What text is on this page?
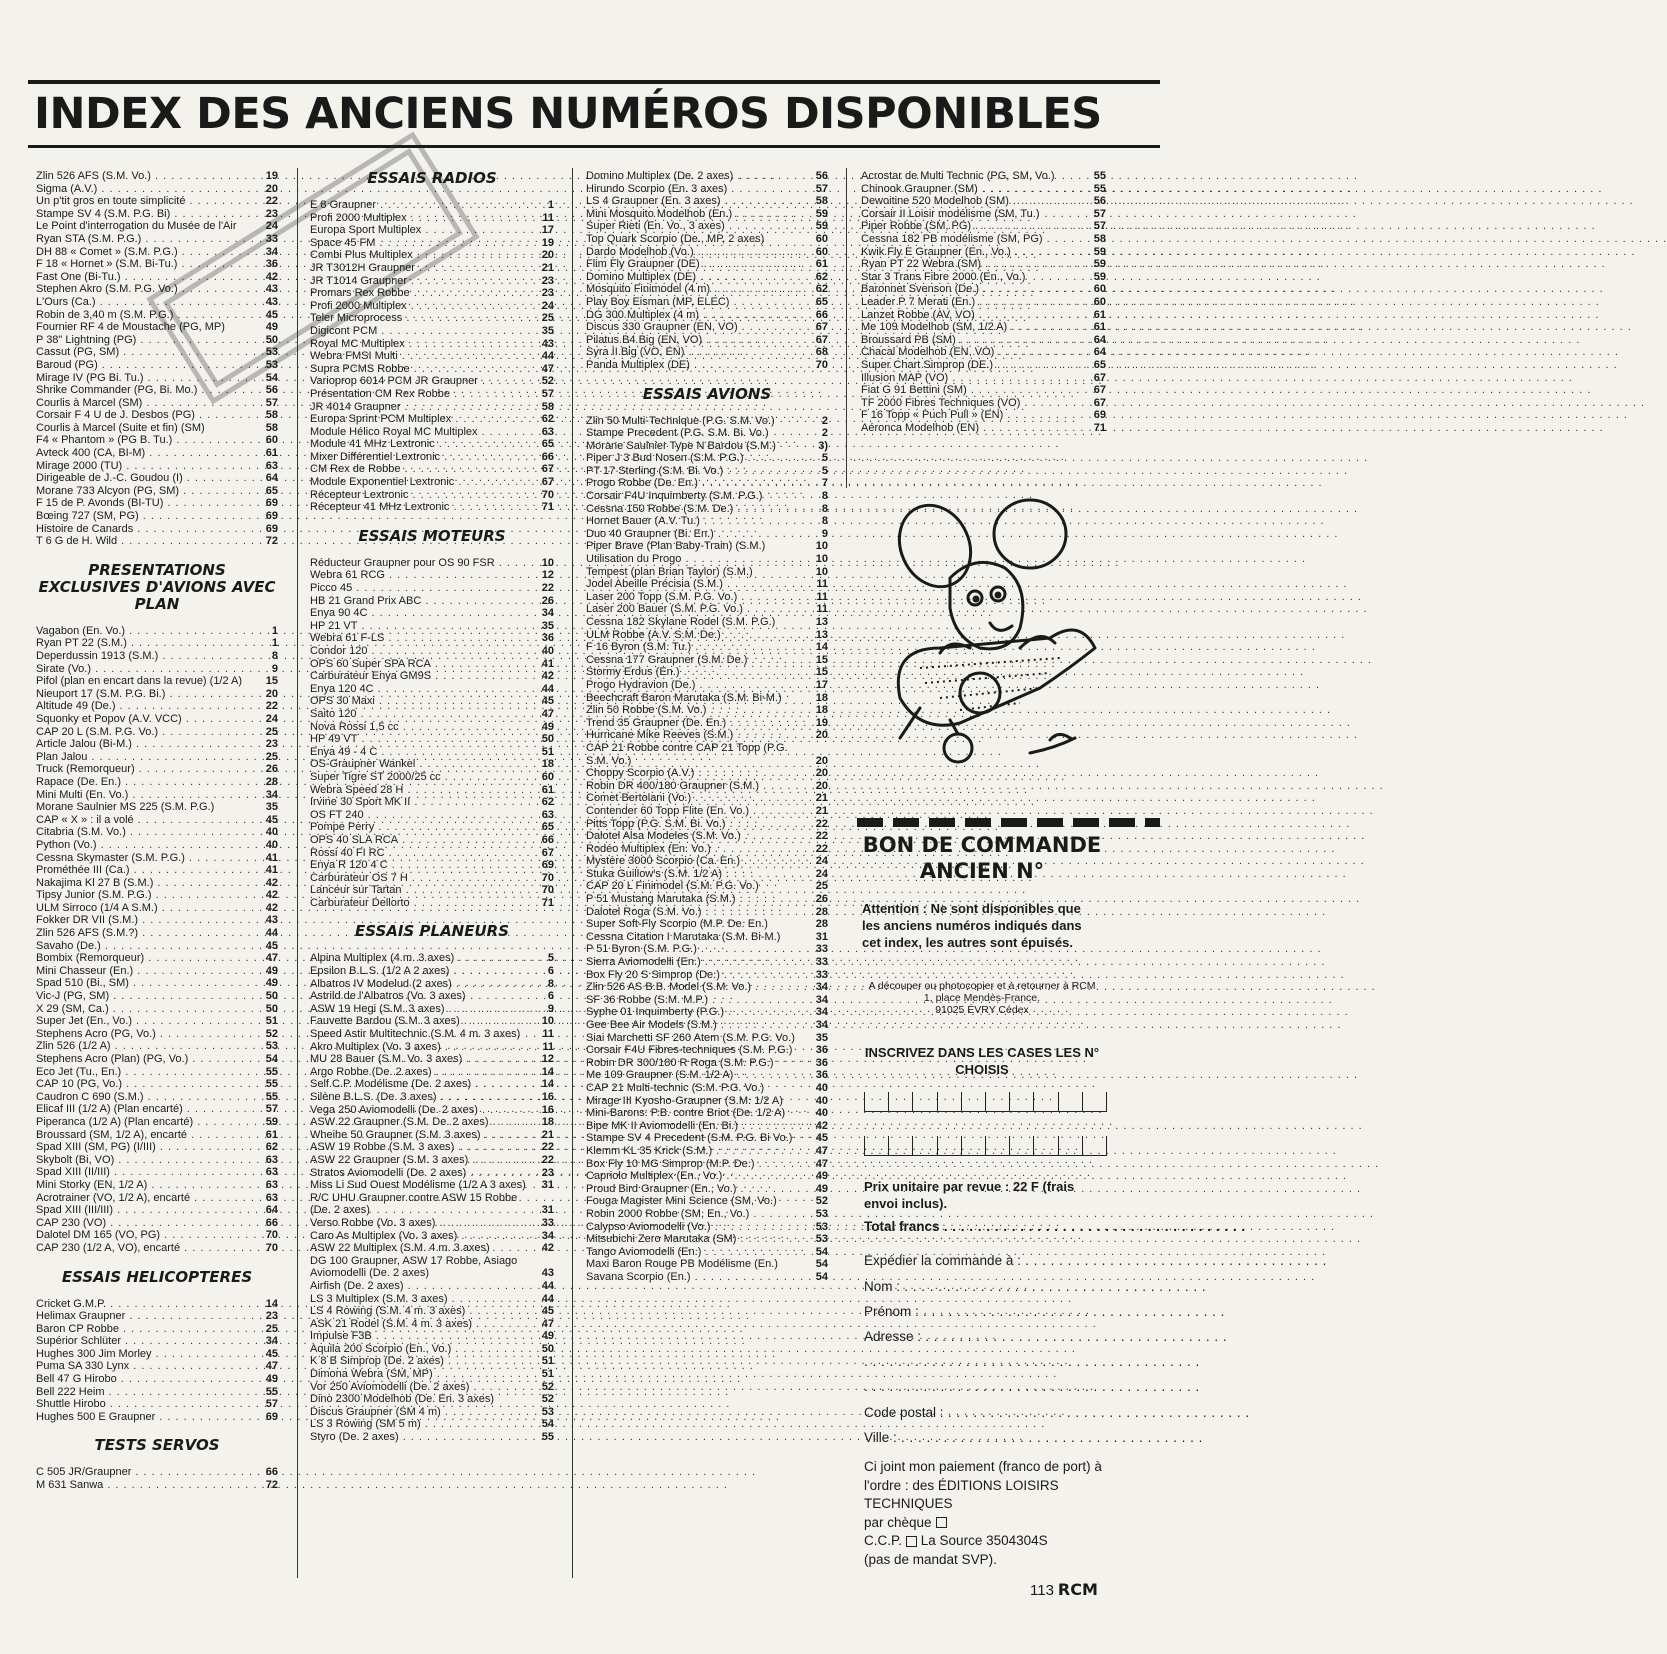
INDEX DES ANCIENS NUMÉROS DISPONIBLES
Zlin 526 AFS (S.M. Vo.) . . .	19
Sigma (A.V.) . . .	20
Un p'tit gros en toute simplicité . . .	22
Stampe SV 4 (S.M. P.G. Bi) . . .	23
Le Point d'interrogation du Musée de l'Air	24
Ryan STA (S.M. P.G.) . . .	33
DH 88 « Comet » (S.M. P.G.) . . .	34
F 18 « Hornet » (S.M. Bi-Tu.) . . .	36
Fast One (Bi-Tu.) . . .	42
Stephen Akro (S.M. P.G. Vo.) . . .	43
L'Ours (Ca.) . . .	43
Robin de 3,40 m (S.M. P.G.) . . .	45
Fournier RF 4 de Moustache (PG, MP)	49
P 38" Lightning (PG) . . .	50
Cassut (PG, SM) . . .	53
Baroud (PG) . . .	53
Mirage IV (PG Bi. Tu.) . . .	54
Shrike Commander (PG, Bi. Mo.) . . .	56
Courlis à Marcel (SM) . . .	57
Corsair F 4 U de J. Desbos (PG) . . .	58
Courlis à Marcel (Suite et fin) (SM)	58
F4 « Phantom » (PG B. Tu.) . . .	60
Avteck 400 (CA, BI-M) . . .	61
Mirage 2000 (TU) . . .	63
Dirigeable de J.-C. Goudou (I) . . .	64
Morane 733 Alcyon (PG, SM) . . .	65
F 15 de P. Avonds (BI-TU) . . .	69
Bœing 727 (SM, PG) . . .	69
Histoire de Canards . . .	69
T 6 G de H. Wild . . .	72
PRESENTATIONS EXCLUSIVES D'AVIONS AVEC PLAN
Vagabon (En. Vo.) . . .	1
Ryan PT 22 (S.M.) . . .	1
Deperdussin 1913 (S.M.) . . .	8
Sirate (Vo.) . . .	9
Pifol (plan en encart dans la revue) (1/2 A)	15
Nieuport 17 (S.M. P.G. Bi.) . . .	20
Altitude 49 (De.) . . .	22
Squonky et Popov (A.V. VCC) . . .	24
CAP 20 L (S.M. P.G. Vo.) . . .	25
Article Jalou (Bi-M.) . . .	23
Plan Jalou . . .	25
Truck (Remorqueur) . . .	26
Rapace (De. En.) . . .	28
Mini Multi (En. Vo.) . . .	34
Morane Saulnier MS 225 (S.M. P.G.)	35
CAP « X » : il a volé . . .	45
Citabria (S.M. Vo.) . . .	40
Python (Vo.) . . .	40
Cessna Skymaster (S.M. P.G.) . . .	41
Prométhée III (Ca.) . . .	41
Nakajima Kl 27 B (S.M.) . . .	42
Tipsy Junior (S.M. P.G.) . . .	42
ULM Sirroco (1/4 A S.M.) . . .	42
Fokker DR VII (S.M.) . . .	43
Zlin 526 AFS (S.M.?) . . .	44
Savaho (De.) . . .	45
Bombix (Remorqueur) . . .	47
Mini Chasseur (En.) . . .	49
Spad 510 (Bi., SM) . . .	49
Vic-J (PG, SM) . . .	50
X 29 (SM, Ca.) . . .	50
Super Jet (En., Vo.) . . .	51
Stephens Acro (PG, Vo.) . . .	52
Zlin 526 (1/2 A) . . .	53
Stephens Acro (Plan) (PG, Vo.) . . .	54
Eco Jet (Tu., En.) . . .	55
CAP 10 (PG, Vo.) . . .	55
Caudron C 690 (S.M.) . . .	55
Elicaf III (1/2 A) (Plan encarté) . . .	57
Piperanca (1/2 A) (Plan encarté) . . .	59
Broussard (SM, 1/2 A), encarté . . .	61
Spad XIII (SM, PG) (I/III) . . .	62
Skybolt (Bi, VO) . . .	63
Spad XIII (II/III) . . .	63
Mini Storky (EN, 1/2 A) . . .	63
Acrotrainer (VO, 1/2 A), encarté . . .	63
Spad XIII (III/III) . . .	64
CAP 230 (VO) . . .	66
Dalotel DM 165 (VO, PG) . . .	70
CAP 230 (1/2 A, VO), encarté . . .	70
ESSAIS HELICOPTERES
Cricket G.M.P. . . .	14
Helimax Graupner . . .	23
Baron CP Robbe . . .	25
Supérior Schlüter . . .	34
Hughes 300 Jim Morley . . .	45
Puma SA 330 Lynx . . .	47
Bell 47 G Hirobo . . .	49
Bell 222 Heim . . .	55
Shuttle Hirobo . . .	57
Hughes 500 E Graupner . . .	69
TESTS SERVOS
C 505 JR/Graupner . . .	66
M 631 Sanwa . . .	72
ESSAIS RADIOS
E 8 Graupner . . .	1
Profi 2000 Multiplex . . .	11
Europa Sport Multiplex . . .	17
Space 45 FM . . .	19
Combi Plus Multiplex . . .	20
JR T3012H Graupner . . .	21
JR T1014 Graupner . . .	23
Promars Rex Robbe . . .	23
Profi 2000 Multiplex . . .	24
Teler Microprocess . . .	25
Digicont PCM . . .	35
Royal MC Multiplex . . .	43
Webra FMSI Multi . . .	44
Supra PCMS Robbe . . .	47
Varioprop 6014 PCM JR Graupner . . .	52
Présentation CM Rex Robbe . . .	57
JR 4014 Graupner . . .	58
Europa Sprint PCM Multiplex . . .	62
Module Hélico Royal MC Multiplex . . .	63
Module 41 MHz Lextronic . . .	65
Mixer Différentiel Lextronic . . .	66
CM Rex de Robbe . . .	67
Module Exponentiel Lextronic . . .	67
Récepteur Lextronic . . .	70
Récepteur 41 MHz Lextronic . . .	71
ESSAIS MOTEURS
Réducteur Graupner pour OS 90 FSR . . .	10
Webra 61 RCG . . .	12
Picco 45 . . .	22
HB 21 Grand Prix ABC . . .	26
Enya 90 4C . . .	34
HP 21 VT . . .	35
Webra 61 F-LS . . .	36
Condor 120 . . .	40
OPS 60 Super SPA RCA . . .	41
Carburateur Enya GM9S . . .	42
Enya 120 4C . . .	44
OPS 30 Maxi . . .	45
Saito 120 . . .	47
Nova Rossi 1,5 cc . . .	49
HP 49 VT . . .	50
Enya 49 - 4 C . . .	51
OS-Graupner Wankel . . .	18
Super Tigre ST 2000/25 cc . . .	60
Webra Speed 28 H . . .	61
Irvine 30 Sport MK II . . .	62
OS FT 240 . . .	63
Pompe Perry . . .	65
OPS 40 SLA RCA . . .	66
Rossi 40 FI RC . . .	67
Enya R 120 4 C . . .	69
Carburateur OS 7 H . . .	70
Lanceur sur Tartan . . .	70
Carburateur Dellorto . . .	71
ESSAIS PLANEURS
Alpina Multiplex (4 m. 3 axes) . . .	5
Epsilon B.L.S. (1/2 A 2 axes) . . .	6
Albatros IV Modelud (2 axes) . . .	8
Astrild de l'Albatros (Vo. 3 axes)	6
ASW 19 Hegi (S.M. 3 axes) . . .	9
Fauvette Bardou (S.M. 3 axes) . . .	10
Speed Astir Multitechnic (S.M. 4 m. 3 axes)	11
Akro Multiplex (Vo. 3 axes) . . .	11
MU 28 Bauer (S.M. Vo. 3 axes) . . .	12
Argo Robbe (De. 2 axes) . . .	14
Self C.P. Modélisme (De. 2 axes) . . .	14
Silène B.L.S. (De. 3 axes) . . .	16
Vega 250 Aviomodelli (De. 2 axes) . . .	16
ASW 22 Graupner (S.M. De. 2 axes) . . .	18
Wheihe 50 Graupner (S.M. 3 axes) . . .	21
ASW 19 Robbe (S.M. 3 axes) . . .	22
ASW 22 Graupner (S.M. 3 axes) . . .	22
Stratos Aviomodelli (De. 2 axes) . . .	23
Miss Li Sud Ouest Modélisme (1/2 A 3 axes)	31
R/C UHU Graupner contre ASW 15 Robbe (De. 2 axes)	31
Verso Robbe (Vo. 3 axes) . . .	33
Caro As Multiplex (Vo. 3 axes) . . .	34
ASW 22 Multiplex (S.M. 4 m. 3 axes)	42
DG 100 Graupner, ASW 17 Robbe, Asiago Aviomodelli (De. 2 axes)	43
Airfish (De. 2 axes) . . .	44
LS 3 Multiplex (S.M. 3 axes) . . .	44
LS 4 Rowing (S.M. 4 m. 3 axes) . . .	45
ASK 21 Rodel (S.M. 4 m. 3 axes) . . .	47
Impulse F3B . . .	49
Aquila 200 Scorpio (En., Vo.) . . .	50
K 8 B Simprop (De. 2 axes) . . .	51
Dimona Webra (SM, MP) . . .	51
Vor 250 Aviomodelli (De. 2 axes) . . .	52
Dino 2300 Modelhob (De. En. 3 axes)	52
Discus Graupner (SM 4 m) . . .	53
LS 3 Rowing (SM 5 m) . . .	54
Styro (De. 2 axes) . . .	55
Domino Multiplex (De. 2 axes) . . .	56
Hirundo Scorpio (En. 3 axes) . . .	57
LS 4 Graupner (En. 3 axes) . . .	58
Mini Mosquito Modelhob (En.) . . .	59
Super Rieti (En. Vo., 3 axes) . . .	59
Top Quark Scorpio (De., MP, 2 axes)	60
Dardo Modelhob (Vo.) . . .	60
Flim Fly Graupner (DE) . . .	61
Domino Multiplex (DE) . . .	62
Mosquito Finimodel (4 m) . . .	62
Play Boy Eisman (MP, ELEC) . . .	65
DG 300 Multiplex (4 m) . . .	66
Discus 330 Graupner (EN, VO) . . .	67
Pilatus B4 Big (EN, VO) . . .	67
Syra II Big (VO, EN) . . .	68
Panda Multiplex (DE) . . .	70
ESSAIS AVIONS
Zlin 50 Multi-Technique (P.G. S.M. Vo.)	2
Stampe Precedent (P.G. S.M. Bi. Vo.)	2
Morane Saulnier Type N Bardou (S.M.)	3)
Piper J 3 Bud Nosen (S.M. P.G.) . . .	5
PT 17 Sterling (S.M. Bi. Vo.) . . .	5
Progo Robbe (De. En.) . . .	7
Corsair F4U Inquimberty (S.M. P.G.)	8
Cessna 150 Robbe (S.M. De.) . . .	8
Hornet Bauer (A.V. Tu.) . . .	8
Duo 40 Graupner (Bi. En.) . . .	9
Piper Brave (Plan Baby-Train) (S.M.)	10
Utilisation du Progo . . .	10
Tempest (plan Brian Taylor) (S.M.)	10
Jodel Abeille Précisia (S.M.) . . .	11
Laser 200 Topp (S.M. P.G. Vo.) . . .	11
Laser 200 Bauer (S.M. P.G. Vo.) . . .	11
Cessna 182 Skylane Rodel (S.M. P.G.)	13
ULM Robbe (A.V. S.M. De.) . . .	13
F 16 Byron (S.M. Tu.) . . .	14
Cessna 177 Graupner (S.M. De.) . . .	15
Stormy Erdus (En.) . . .	15
Progo Hydravion (De.) . . .	17
Beechcraft Baron Marutaka (S.M. Bi-M.)	18
Zlin 50 Robbe (S.M. Vo.) . . .	18
Trend 35 Graupner (De. En.) . . .	19
Hurricane Mike Reeves (S.M.) . . .	20
CAP 21 Robbe contre CAP 21 Topp (P.G. S.M. Vo.)	20
Choppy Scorpio (A.V.) . . .	20
Robin DR 400/180 Graupner (S.M.) . . .	20
Comet Bertolani (Vo.) . . .	21
Contender 60 Topp Flite (En. Vo.) . . .	21
Pitts Topp (P.G. S.M. Bi. Vo.) . . .	22
Dalotel Alsa Modeles (S.M. Vo.) . . .	22
Rodéo Multiplex (En. Vo.) . . .	22
Mystère 3000 Scorpio (Ca. En.) . . .	24
Stuka Guillow's (S.M. 1/2 A) . . .	24
CAP 20 L Finimodel (S.M. P.G. Vo.)	25
P 51 Mustang Marutaka (S.M.) . . .	26
Dalotel Roga (S.M. Vo.) . . .	28
Super Soft-Fly Scorpio (M.P. De. En.)	28
Cessna Citation I Marutaka (S.M. Bi-M.)	31
P 51 Byron (S.M. P.G.) . . .	33
Sierra Aviomodelli (En.) . . .	33
Box Fly 20 S Simprop (De.) . . .	33
Zlin 526 AS B.B. Model (S.M. Vo.) . . .	34
SF 36 Robbe (S.M. M.P.) . . .	34
Syphe 01 Inquimberty (P.G.) . . .	34
Gee Bee Air Models (S.M.) . . .	34
Siai Marchetti SF 260 Atem (S.M. P.G. Vo.)	35
Corsair F4U Fibres-techniques (S.M. P.G.)	36
Robin DR 300/180 R Roga (S.M. P.G.)	36
Me 109 Graupner (S.M. 1/2 A) . . .	36
CAP 21 Multi-technic (S.M. P.G. Vo.)	40
Mirage III Kyosho-Graupner (S.M. 1/2 A)	40
Mini-Barons: P.B. contre Briot (De. 1/2 A)	40
Bipe MK II Aviomodelli (En. Bi.) . . .	42
Stampe SV 4 Precedent (S.M. P.G. Bi Vo.)	45
Klemm KL 35 Krick (S.M.) . . .	47
Box Fly 10 MG Simprop (M.P. De.) . . .	47
Capriolo Multiplex (En., Vo.) . . .	49
Proud Bird Graupner (En., Vo.) . . .	49
Fouga Magister Mini Science (SM, Vo.)	52
Robin 2000 Robbe (SM, En., Vo.) . . .	53
Calypso Aviomodelli (Vo.) . . .	53
Mitsubichi Zero Marutaka (SM) . . .	53
Tango Aviomodelli (En.) . . .	54
Maxi Baron Rouge PB Modélisme (En.)	54
Savana Scorpio (En.) . . .	54
Acrostar de Multi Technic (PG, SM, Vo.)	55
Chinook Graupner (SM) . . .	55
Dewoitine 520 Modelhob (SM) . . .	56
Corsair II Loisir modélisme (SM, Tu.)	57
Piper Robbe (SM, PG) . . .	57
Cessna 182 PB modélisme (SM, PG) . . .	58
Kwik Fly E Graupner (En., Vo.) . . .	59
Ryan PT 22 Webra (SM) . . .	59
Star 3 Trans Fibre 2000 (En., Vo.)	59
Baronnet Svenson (De.) . . .	60
Leader P 7 Merati (En.) . . .	60
Lanzet Robbe (AV, VO) . . .	61
Me 109 Modelhob (SM, 1/2 A) . . .	61
Broussard PB (SM) . . .	64
Chacal Modelhob (EN, VO) . . .	64
Super Chart Simprop (DE.) . . .	65
Illusion MAP (VO) . . .	67
Fiat G 91 Bettini (SM) . . .	67
TF 2000 Fibres Techniques (VO) . . .	67
F 16 Topp « Puch Pull » (EN) . . .	69
Aéronca Modelhob (EN) . . .	71
BON DE COMMANDE
ANCIEN N°
Attention : Ne sont disponibles que les anciens numéros indiqués dans cet index, les autres sont épuisés.
A découper ou photocopier et à retourner à RCM
1, place Mendès-France.
91025 ÉVRY Cédex
INSCRIVEZ DANS LES CASES LES N° CHOISIS
Prix unitaire par revue : 22 F (frais envoi inclus).
Total francs . . .
Expédier la commande à : . . .
Nom : . . .
Prénom : . . .
Adresse : . . .
. . . . . . . . . . . . . . . . . . . . . . . . . . . . . . . . . . . . . . . .
. . . . . . . . . . . . . . . . . . . . . . . . . . . . . . . . . . . . . . . .
Code postal : . . .
Ville : . . .
Ci joint mon paiement (franco de port) à l'ordre : des ÉDITIONS LOISIRS TECHNIQUES
par chèque
C.C.P. La Source 3504304S
(pas de mandat SVP).
113 RCM
